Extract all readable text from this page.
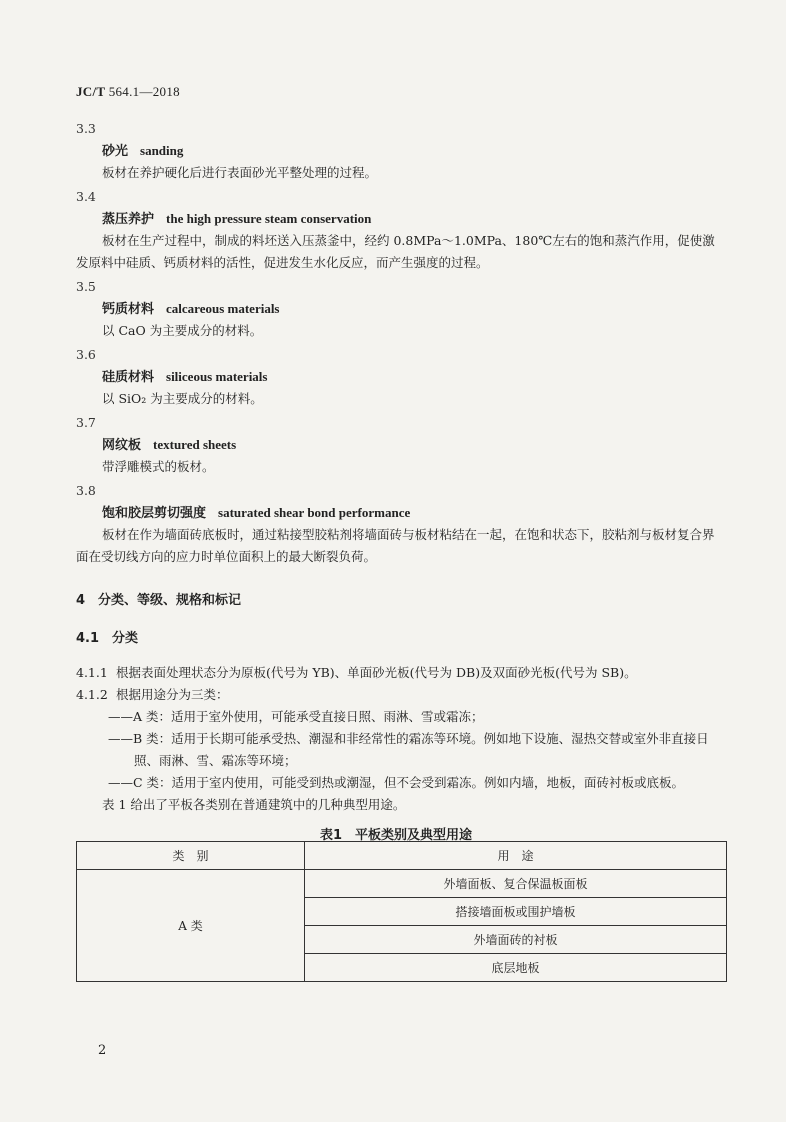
JC/T 564.1—2018
3.3
砂光 sanding
板材在养护硬化后进行表面砂光平整处理的过程。
3.4
蒸压养护 the high pressure steam conservation
板材在生产过程中，制成的料坯送入压蒸釜中，经约 0.8MPa～1.0MPa、180℃左右的饱和蒸汽作用，促使激发原料中硅质、钙质材料的活性，促进发生水化反应，而产生强度的过程。
3.5
钙质材料 calcareous materials
以 CaO 为主要成分的材料。
3.6
硅质材料 siliceous materials
以 SiO₂ 为主要成分的材料。
3.7
网纹板 textured sheets
带浮雕模式的板材。
3.8
饱和胶层剪切强度 saturated shear bond performance
板材在作为墙面砖底板时，通过粘接型胶粘剂将墙面砖与板材粘结在一起，在饱和状态下，胶粘剂与板材复合界面在受切线方向的应力时单位面积上的最大断裂负荷。
4　分类、等级、规格和标记
4.1　分类
4.1.1 根据表面处理状态分为原板(代号为 YB)、单面砂光板(代号为 DB)及双面砂光板(代号为 SB)。
4.1.2 根据用途分为三类：
——A 类：适用于室外使用，可能承受直接日照、雨淋、雪或霜冻；
——B 类：适用于长期可能承受热、潮湿和非经常性的霜冻等环境。例如地下设施、湿热交替或室外非直接日照、雨淋、雪、霜冻等环境；
——C 类：适用于室内使用，可能受到热或潮湿，但不会受到霜冻。例如内墙，地板，面砖衬板或底板。
表 1 给出了平板各类别在普通建筑中的几种典型用途。
表1　平板类别及典型用途
类　别	用　途
A 类	外墙面板、复合保温板面板
	搭接墙面板或围护墙板
	外墙面砖的衬板
	底层地板
2
